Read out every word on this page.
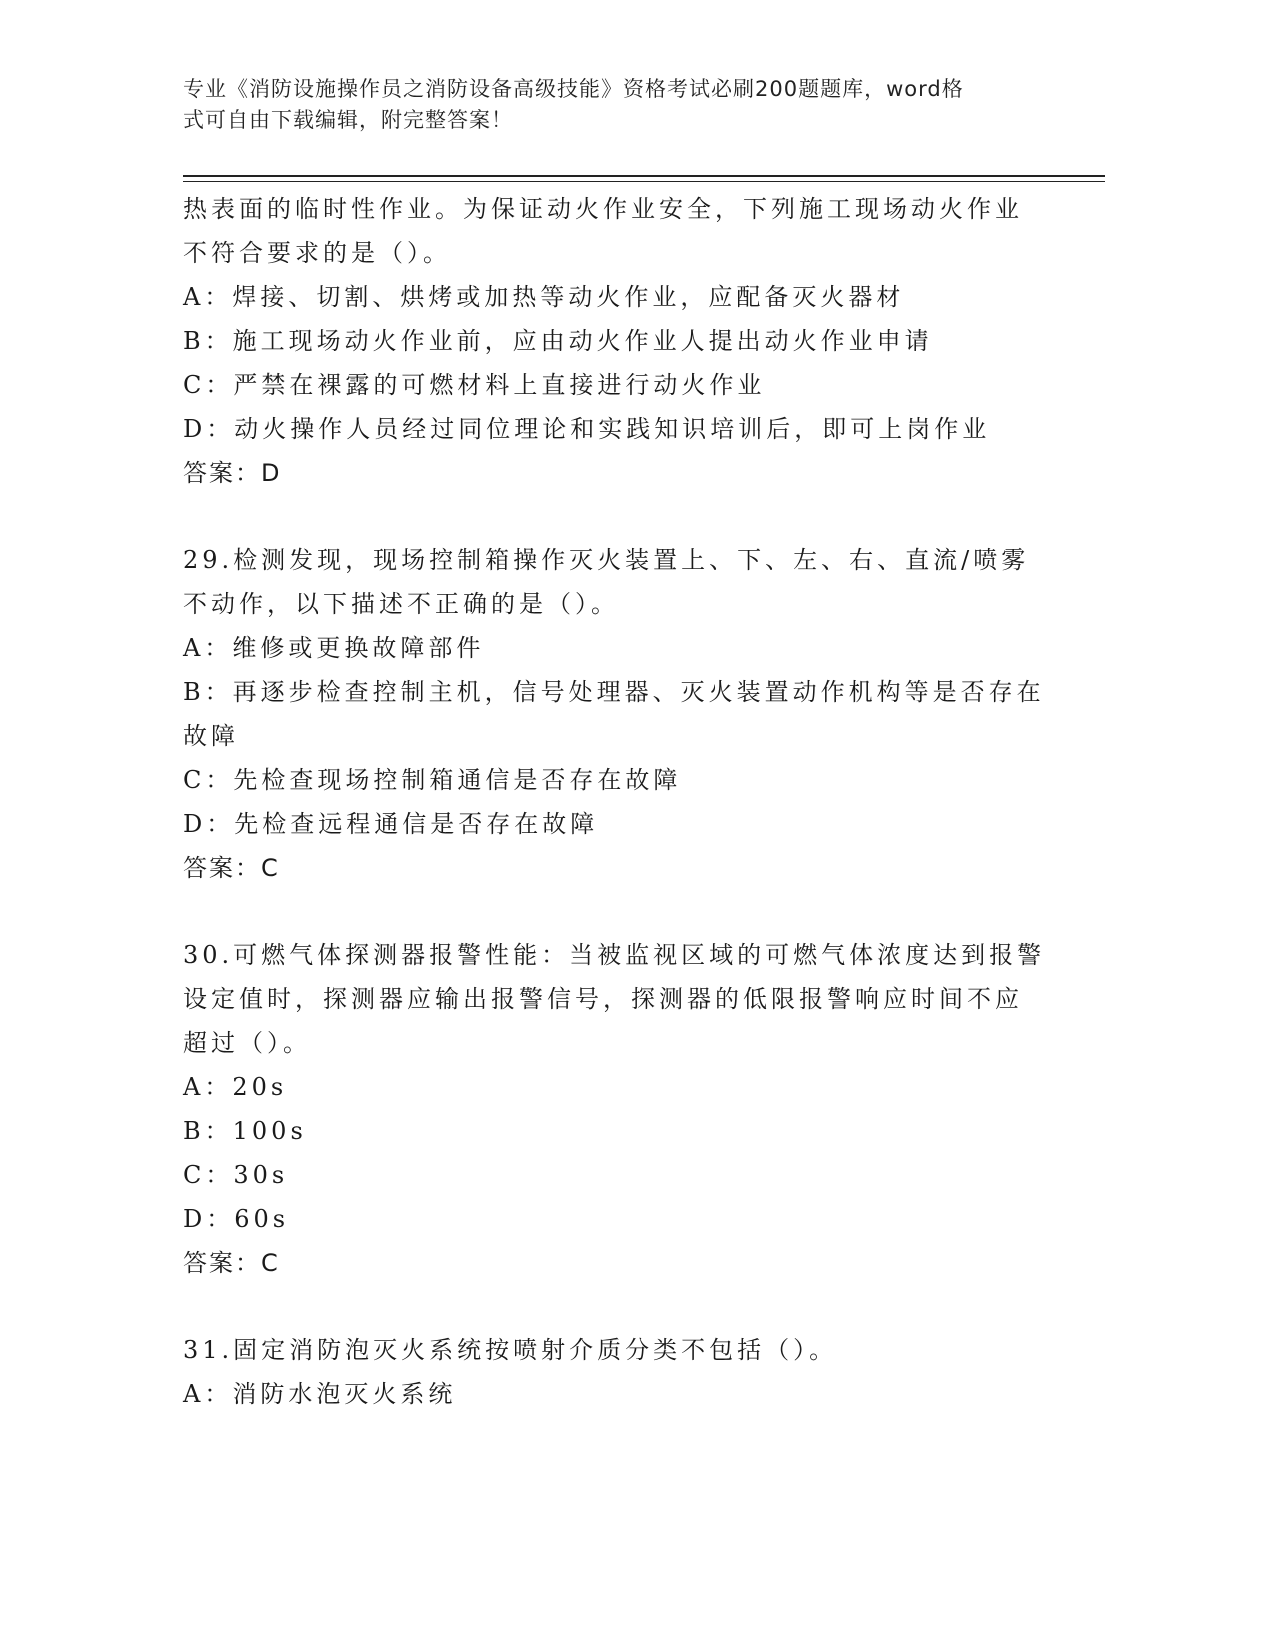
专业《消防设施操作员之消防设备高级技能》资格考试必刷200题题库，word格
式可自由下载编辑，附完整答案！
热表面的临时性作业。为保证动火作业安全，下列施工现场动火作业
不符合要求的是（）。
A：焊接、切割、烘烤或加热等动火作业，应配备灭火器材
B：施工现场动火作业前，应由动火作业人提出动火作业申请
C：严禁在裸露的可燃材料上直接进行动火作业
D：动火操作人员经过同位理论和实践知识培训后，即可上岗作业
答案：D
29.检测发现，现场控制箱操作灭火装置上、下、左、右、直流/喷雾
不动作，以下描述不正确的是（）。
A：维修或更换故障部件
B：再逐步检查控制主机，信号处理器、灭火装置动作机构等是否存在
故障
C：先检查现场控制箱通信是否存在故障
D：先检查远程通信是否存在故障
答案：C
30.可燃气体探测器报警性能：当被监视区域的可燃气体浓度达到报警
设定值时，探测器应输出报警信号，探测器的低限报警响应时间不应
超过（）。
A：20s
B：100s
C：30s
D：60s
答案：C
31.固定消防泡灭火系统按喷射介质分类不包括（）。
A：消防水泡灭火系统
